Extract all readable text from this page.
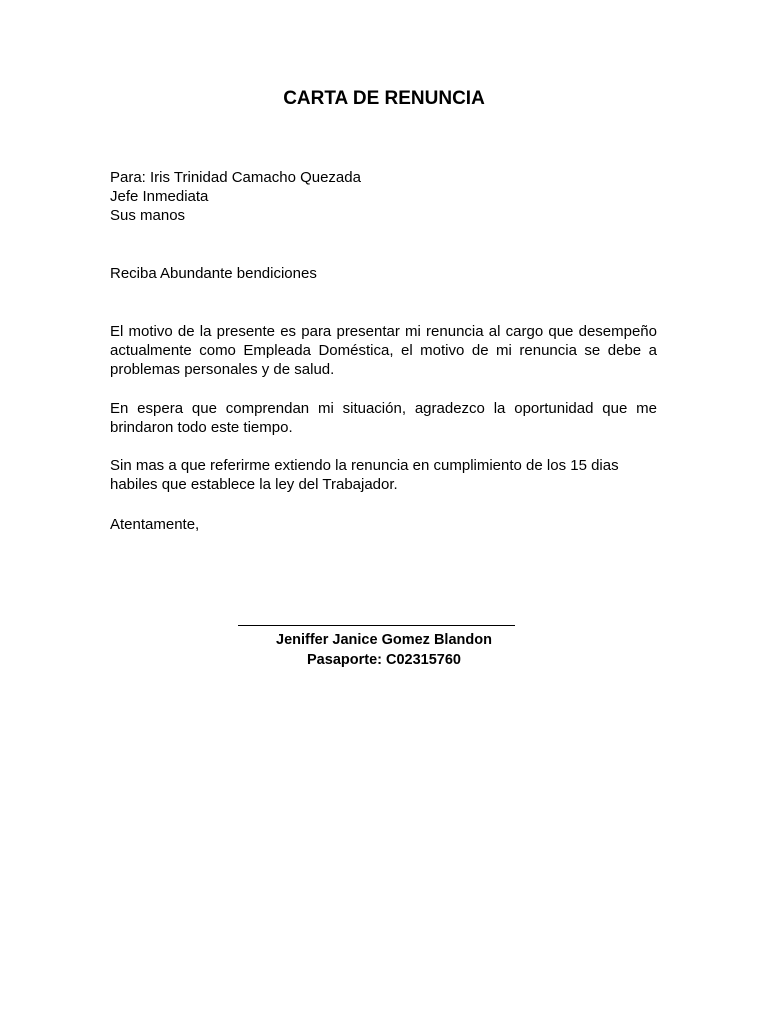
CARTA DE RENUNCIA
Para: Iris Trinidad Camacho Quezada
Jefe Inmediata
Sus manos

Reciba Abundante bendiciones

El motivo de la presente es para presentar mi renuncia al cargo que desempeño actualmente como Empleada Doméstica, el motivo de mi renuncia se debe a problemas personales y de salud.

En espera que comprendan mi situación, agradezco la oportunidad que me brindaron todo este tiempo.

Sin mas a que referirme extiendo la renuncia en cumplimiento de los 15 dias habiles que establece la ley del Trabajador.

Atentamente,

Jeniffer Janice Gomez Blandon
Pasaporte: C02315760
